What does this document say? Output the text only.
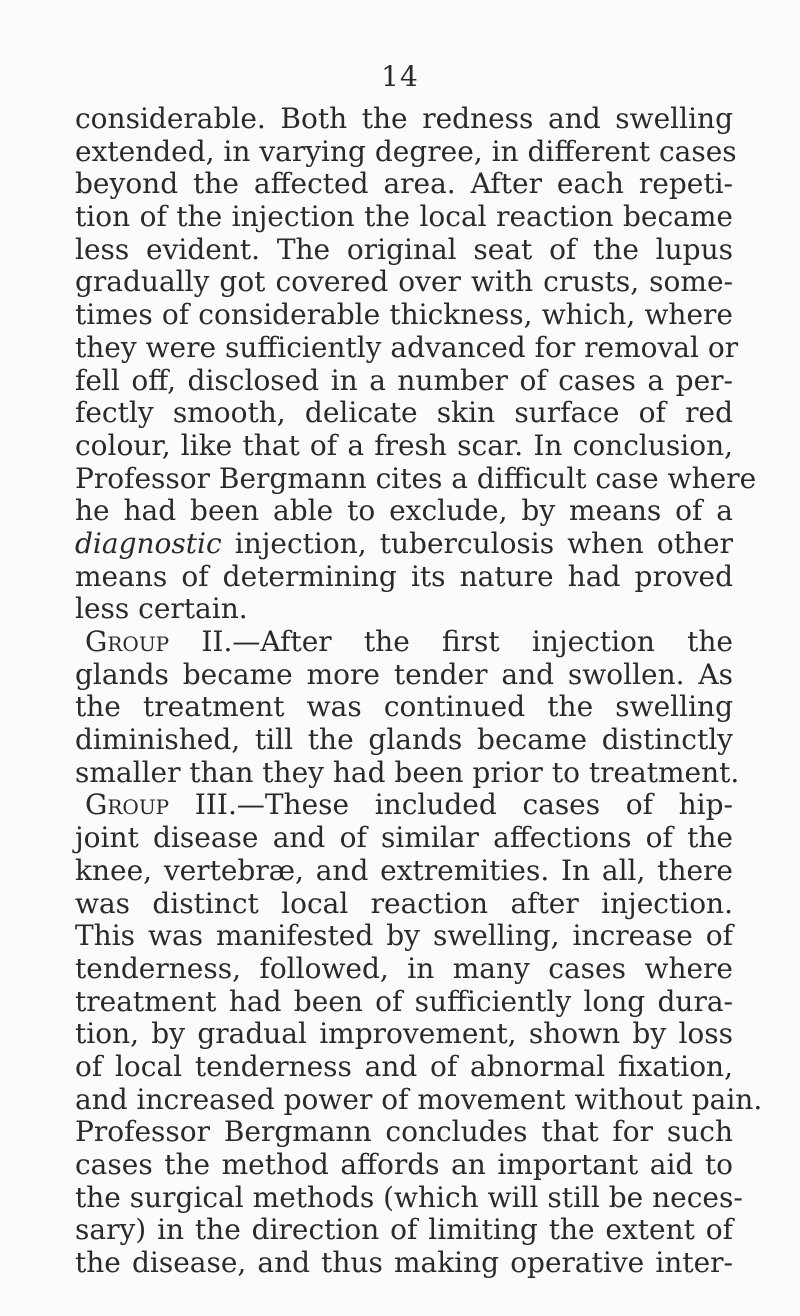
14
considerable. Both the redness and swelling
extended, in varying degree, in different cases
beyond the affected area. After each repeti-
tion of the injection the local reaction became
less evident. The original seat of the lupus
gradually got covered over with crusts, some-
times of considerable thickness, which, where
they were sufficiently advanced for removal or
fell off, disclosed in a number of cases a per-
fectly smooth, delicate skin surface of red
colour, like that of a fresh scar. In conclusion,
Professor Bergmann cites a difficult case where
he had been able to exclude, by means of a
diagnostic injection, tuberculosis when other
means of determining its nature had proved
less certain.
Group II.—After the first injection the
glands became more tender and swollen. As
the treatment was continued the swelling
diminished, till the glands became distinctly
smaller than they had been prior to treatment.
Group III.—These included cases of hip-
joint disease and of similar affections of the
knee, vertebræ, and extremities. In all, there
was distinct local reaction after injection.
This was manifested by swelling, increase of
tenderness, followed, in many cases where
treatment had been of sufficiently long dura-
tion, by gradual improvement, shown by loss
of local tenderness and of abnormal fixation,
and increased power of movement without pain.
Professor Bergmann concludes that for such
cases the method affords an important aid to
the surgical methods (which will still be neces-
sary) in the direction of limiting the extent of
the disease, and thus making operative inter-
